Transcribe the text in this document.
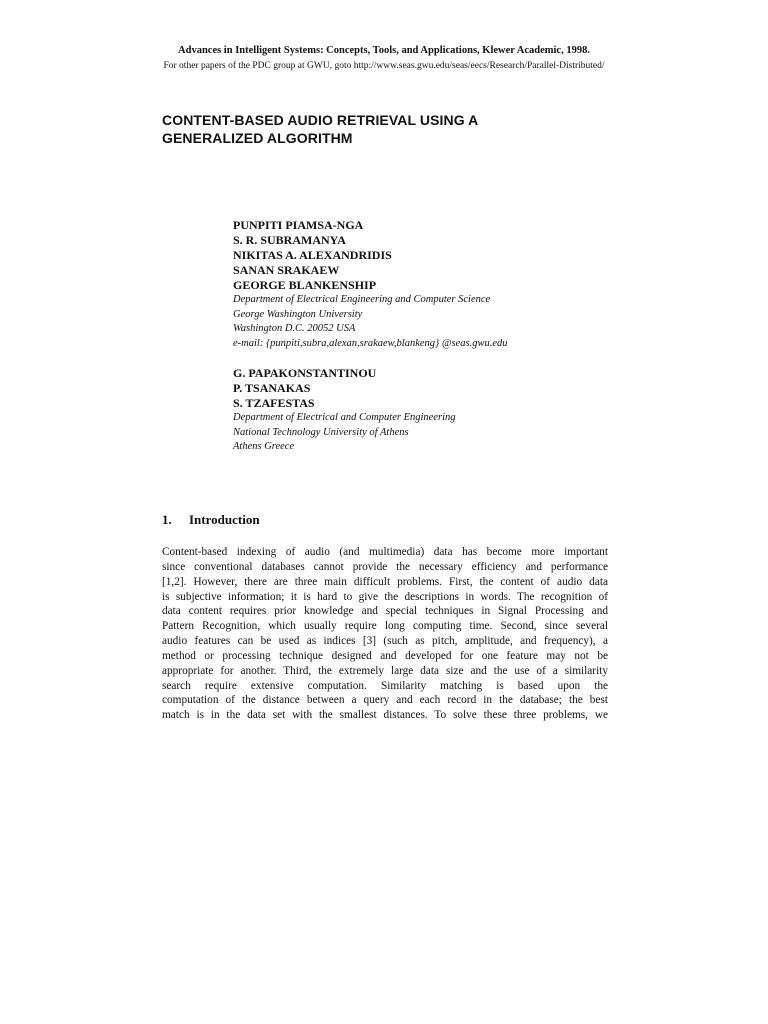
Advances in Intelligent Systems: Concepts, Tools, and Applications, Klewer Academic, 1998.
For other papers of the PDC group at GWU, goto http://www.seas.gwu.edu/seas/eecs/Research/Parallel-Distributed/
CONTENT-BASED AUDIO RETRIEVAL USING A
GENERALIZED ALGORITHM
PUNPITI PIAMSA-NGA
S. R. SUBRAMANYA
NIKITAS A. ALEXANDRIDIS
SANAN SRAKAEW
GEORGE BLANKENSHIP
Department of Electrical Engineering and Computer Science
George Washington University
Washington D.C. 20052 USA
e-mail: {punpiti,subra,alexan,srakaew,blankeng} @seas.gwu.edu
G. PAPAKONSTANTINOU
P. TSANAKAS
S. TZAFESTAS
Department of Electrical and Computer Engineering
National Technology University of Athens
Athens Greece
1. Introduction
Content-based indexing of audio (and multimedia) data has become more important
since conventional databases cannot provide the necessary efficiency and performance
[1,2]. However, there are three main difficult problems. First, the content of audio data
is subjective information; it is hard to give the descriptions in words. The recognition of
data content requires prior knowledge and special techniques in Signal Processing and
Pattern Recognition, which usually require long computing time. Second, since several
audio features can be used as indices [3] (such as pitch, amplitude, and frequency), a
method or processing technique designed and developed for one feature may not be
appropriate for another. Third, the extremely large data size and the use of a similarity
search require extensive computation. Similarity matching is based upon the
computation of the distance between a query and each record in the database; the best
match is in the data set with the smallest distances. To solve these three problems, we
